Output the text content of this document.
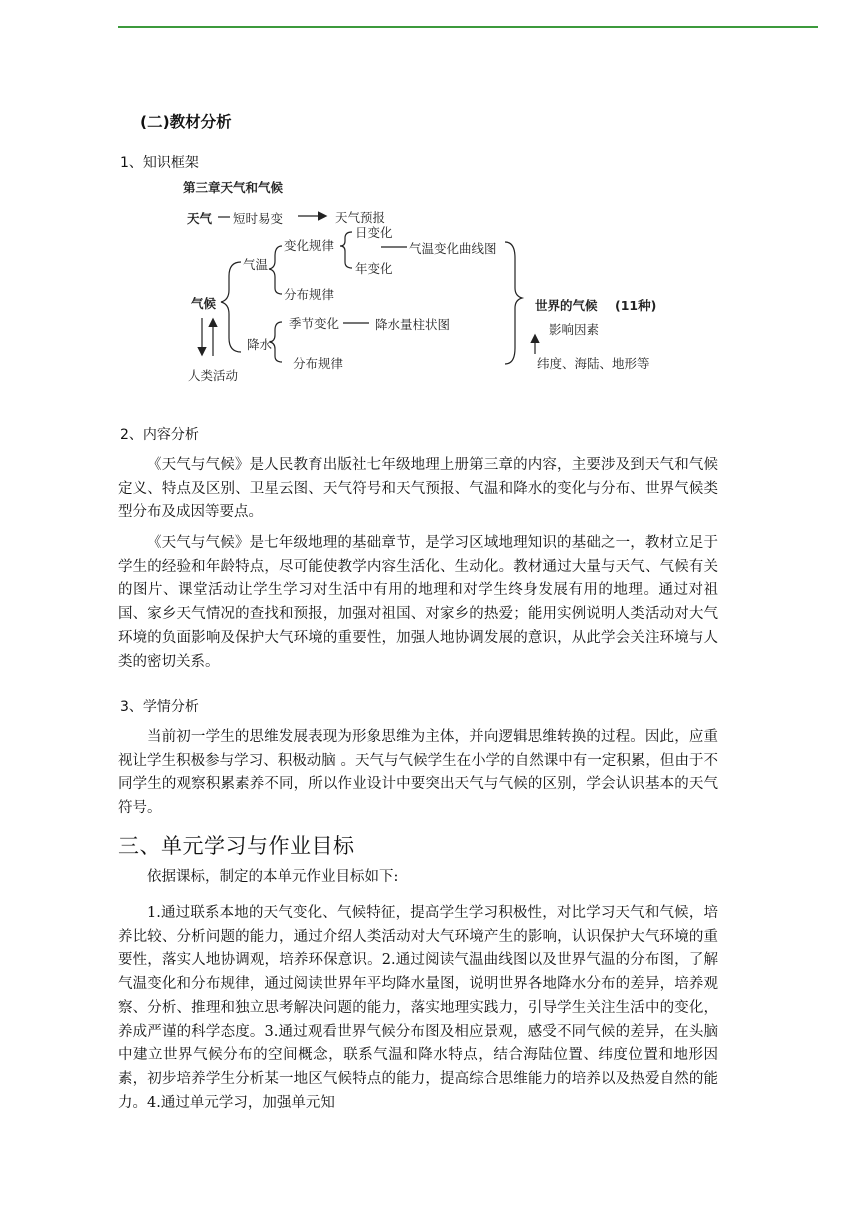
(二)教材分析
1、知识框架
2、内容分析

《天气与气候》是人民教育出版社七年级地理上册第三章的内容，主要涉及到天气和气候定义、特点及区别、卫星云图、天气符号和天气预报、气温和降水的变化与分布、世界气候类型分布及成因等要点。

《天气与气候》是七年级地理的基础章节，是学习区域地理知识的基础之一，教材立足于学生的经验和年龄特点，尽可能使教学内容生活化、生动化。教材通过大量与天气、气候有关的图片、课堂活动让学生学习对生活中有用的地理和对学生终身发展有用的地理。通过对祖国、家乡天气情况的查找和预报，加强对祖国、对家乡的热爱；能用实例说明人类活动对大气环境的负面影响及保护大气环境的重要性，加强人地协调发展的意识，从此学会关注环境与人类的密切关系。

3、学情分析

当前初一学生的思维发展表现为形象思维为主体，并向逻辑思维转换的过程。因此，应重视让学生积极参与学习、积极动脑 。天气与气候学生在小学的自然课中有一定积累，但由于不同学生的观察积累素养不同，所以作业设计中要突出天气与气候的区别，学会认识基本的天气符号。

三、单元学习与作业目标

依据课标，制定的本单元作业目标如下:

1.通过联系本地的天气变化、气候特征，提高学生学习积极性，对比学习天气和气候，培养比较、分析问题的能力，通过介绍人类活动对大气环境产生的影响，认识保护大气环境的重要性，落实人地协调观，培养环保意识。2.通过阅读气温曲线图以及世界气温的分布图，了解气温变化和分布规律，通过阅读世界年平均降水量图，说明世界各地降水分布的差异，培养观察、分析、推理和独立思考解决问题的能力，落实地理实践力，引导学生关注生活中的变化，养成严谨的科学态度。3.通过观看世界气候分布图及相应景观，感受不同气候的差异，在头脑中建立世界气候分布的空间概念，联系气温和降水特点，结合海陆位置、纬度位置和地形因素，初步培养学生分析某一地区气候特点的能力，提高综合思维能力的培养以及热爱自然的能力。4.通过单元学习，加强单元知

第三章天气和气候
天气 短时易变	天气预报
气温
变化规律
日变化
年变化
气温变化曲线图
分布规律
气候
季节变化	降水量柱状图
降水
分布规律
人类活动
世界的气候 (11种)
影响因素
纬度、海陆、地形等
